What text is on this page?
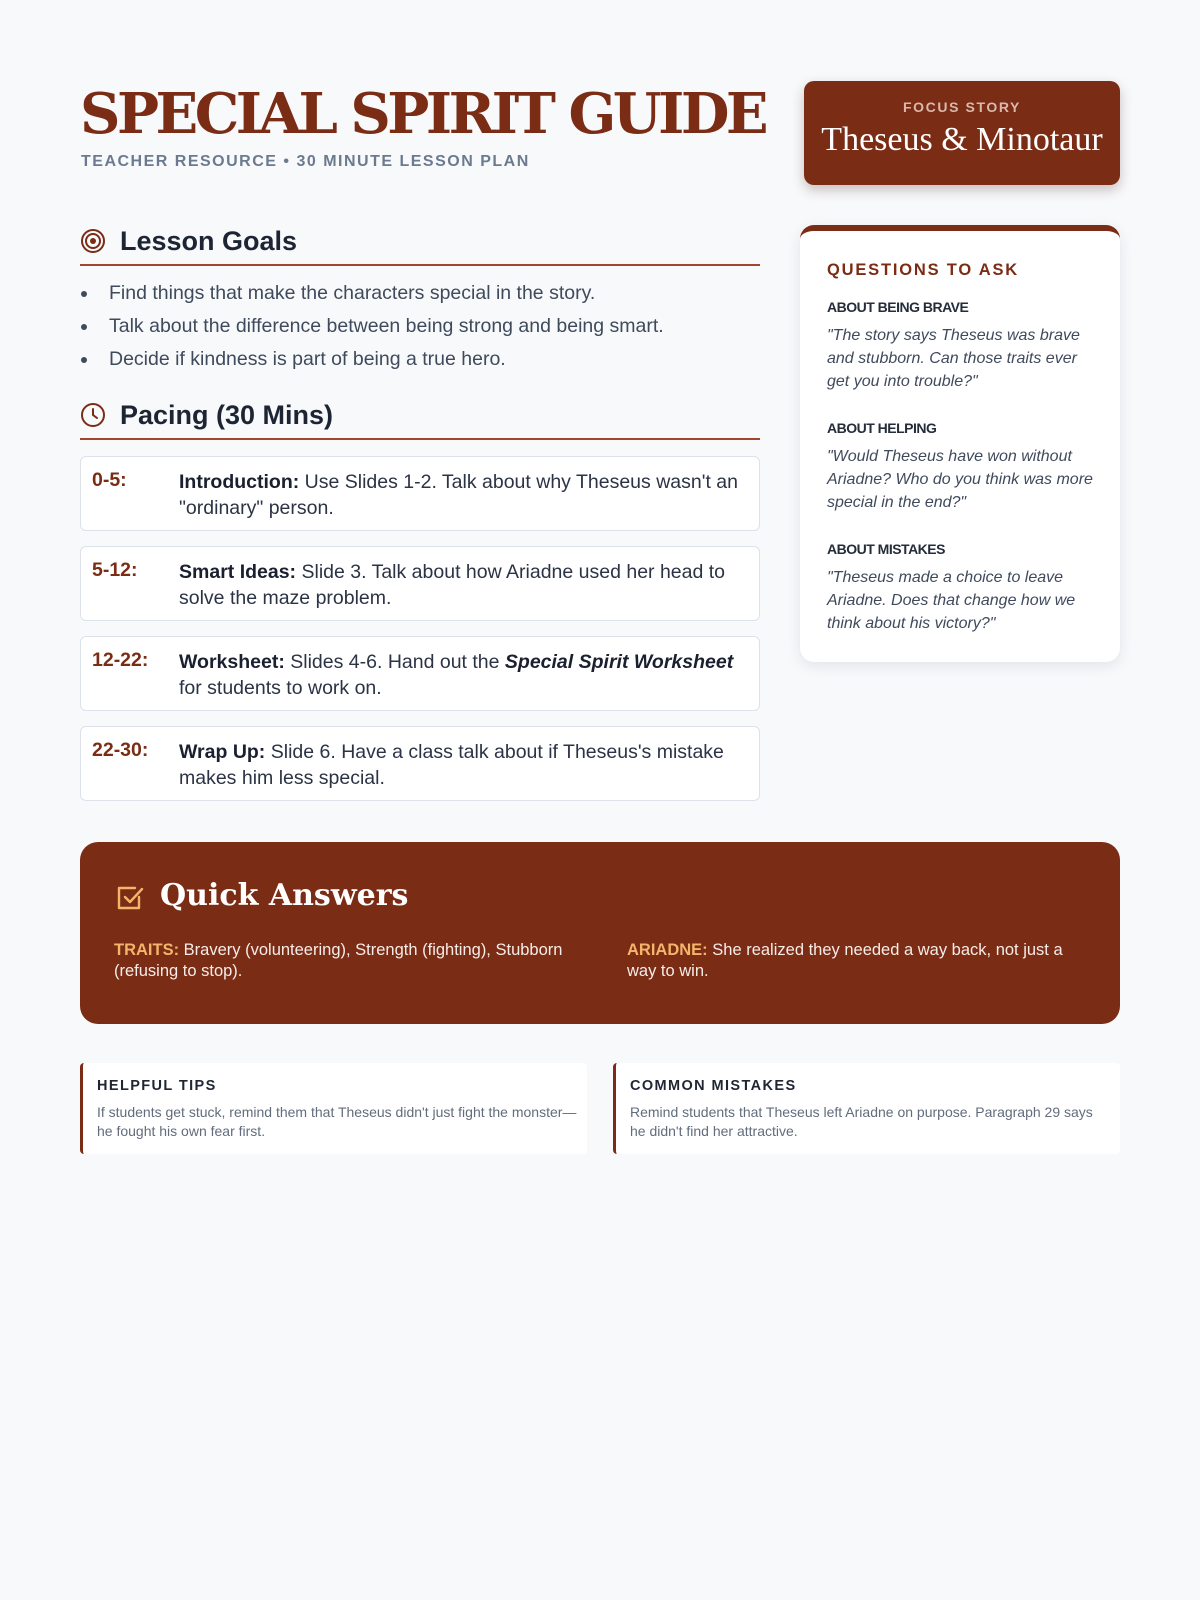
SPECIAL SPIRIT GUIDE
TEACHER RESOURCE • 30 MINUTE LESSON PLAN
FOCUS STORY
Theseus & Minotaur
Lesson Goals
Find things that make the characters special in the story.
Talk about the difference between being strong and being smart.
Decide if kindness is part of being a true hero.
Pacing (30 Mins)
0-5:	Introduction: Use Slides 1-2. Talk about why Theseus wasn't an "ordinary" person.
5-12: Smart Ideas: Slide 3. Talk about how Ariadne used her head to solve the maze problem.
12-22: Worksheet: Slides 4-6. Hand out the Special Spirit Worksheet for students to work on.
22-30: Wrap Up: Slide 6. Have a class talk about if Theseus's mistake makes him less special.
QUESTIONS TO ASK
ABOUT BEING BRAVE
"The story says Theseus was brave and stubborn. Can those traits ever get you into trouble?"
ABOUT HELPING
"Would Theseus have won without Ariadne? Who do you think was more special in the end?"
ABOUT MISTAKES
"Theseus made a choice to leave Ariadne. Does that change how we think about his victory?"
Quick Answers
TRAITS: Bravery (volunteering), Strength (fighting), Stubborn (refusing to stop).
ARIADNE: She realized they needed a way back, not just a way to win.
HELPFUL TIPS
If students get stuck, remind them that Theseus didn't just fight the monster—he fought his own fear first.
COMMON MISTAKES
Remind students that Theseus left Ariadne on purpose. Paragraph 29 says he didn't find her attractive.
